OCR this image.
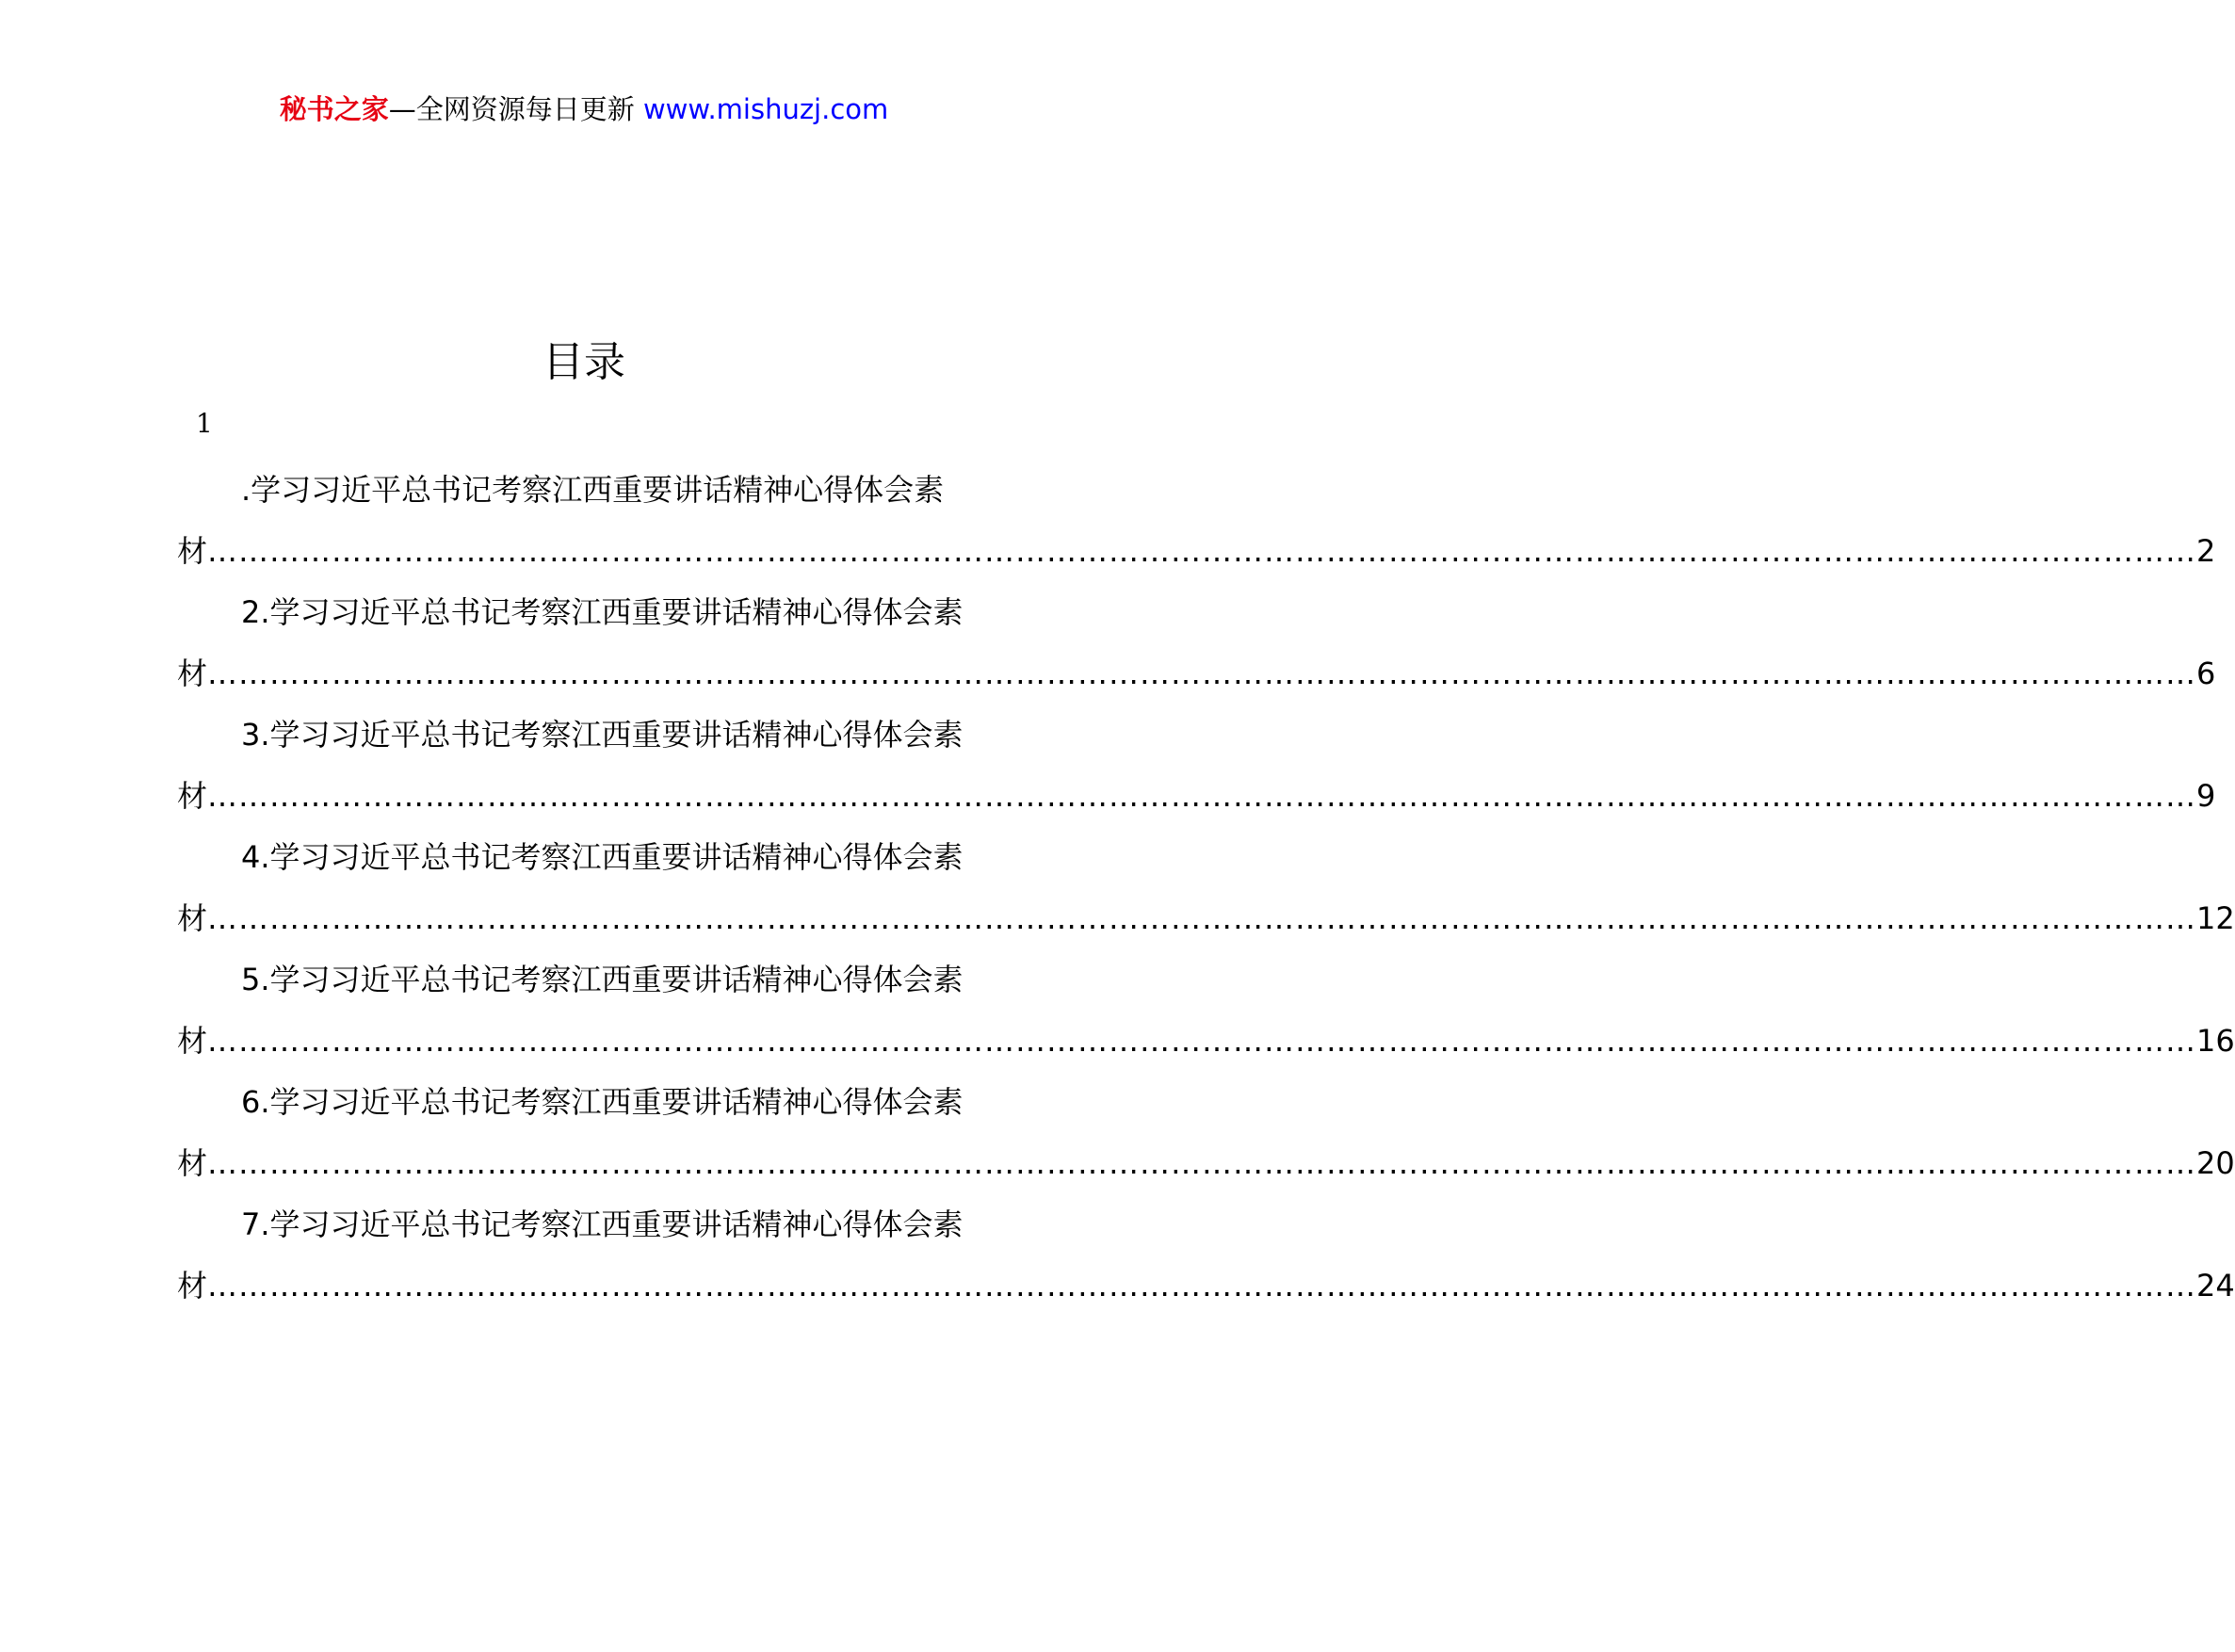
秘书之家—全网资源每日更新 www.mishuzj.com
目录
1
.学习习近平总书记考察江西重要讲话精神心得体会素
材 ………………………………………………………………………………………………………………………………………………………………………… 2
2.学习习近平总书记考察江西重要讲话精神心得体会素
材 ………………………………………………………………………………………………………………………………………………………………………… 6
3.学习习近平总书记考察江西重要讲话精神心得体会素
材 ………………………………………………………………………………………………………………………………………………………………………… 9
4.学习习近平总书记考察江西重要讲话精神心得体会素
材 ………………………………………………………………………………………………………………………………………………………………………… 12
5.学习习近平总书记考察江西重要讲话精神心得体会素
材 ………………………………………………………………………………………………………………………………………………………………………… 16
6.学习习近平总书记考察江西重要讲话精神心得体会素
材 ………………………………………………………………………………………………………………………………………………………………………… 20
7.学习习近平总书记考察江西重要讲话精神心得体会素
材 ………………………………………………………………………………………………………………………………………………………………………… 24
